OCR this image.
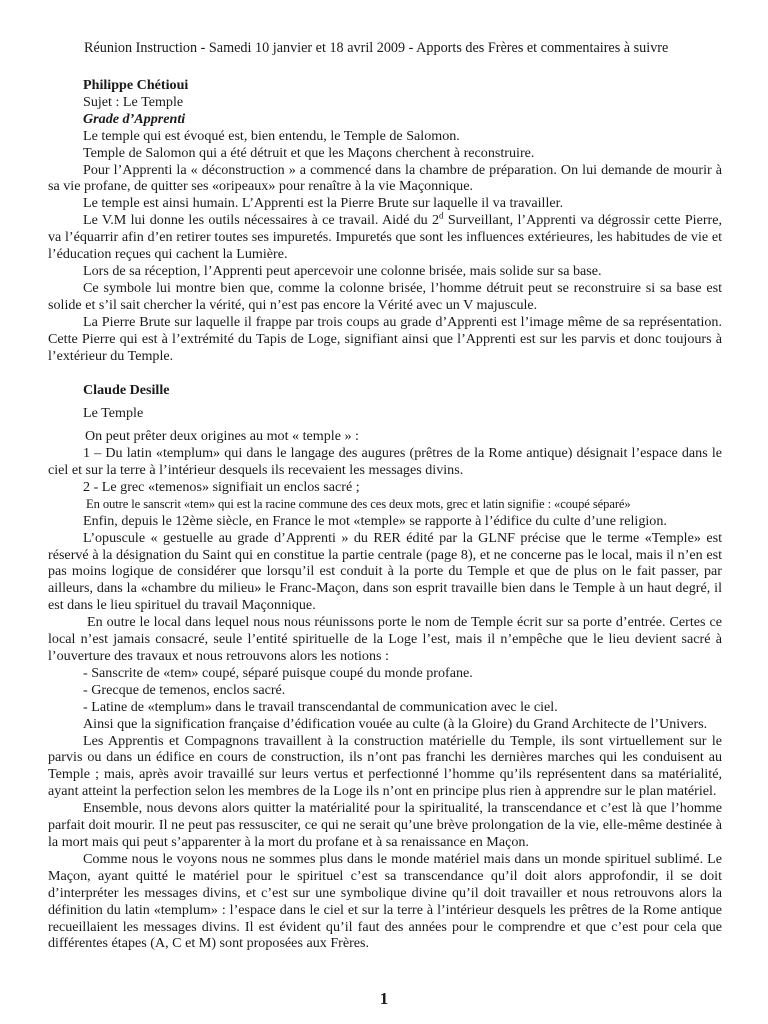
Réunion Instruction - Samedi 10 janvier et 18 avril 2009 - Apports des Frères et commentaires à suivre
Philippe Chétioui

Sujet : Le Temple

Grade d’Apprenti

Le temple qui est évoqué est, bien entendu, le Temple de Salomon.

Temple de Salomon qui a été détruit et que les Maçons cherchent à reconstruire.

Pour l’Apprenti la « déconstruction » a commencé dans la chambre de préparation. On lui demande de mourir à sa vie profane, de quitter ses «oripeaux» pour renaître à la vie Maçonnique.

Le temple est ainsi humain. L’Apprenti est la Pierre Brute sur laquelle il va travailler.

Le V.M lui donne les outils nécessaires à ce travail. Aidé du 2$^d$ Surveillant, l’Apprenti va dégrossir cette Pierre, va l’équarrir afin d’en retirer toutes ses impuretés. Impuretés que sont les influences extérieures, les habitudes de vie et l’éducation reçues qui cachent la Lumière.

Lors de sa réception, l’Apprenti peut apercevoir une colonne brisée, mais solide sur sa base.

Ce symbole lui montre bien que, comme la colonne brisée, l’homme détruit peut se reconstruire si sa base est solide et s’il sait chercher la vérité, qui n’est pas encore la Vérité avec un V majuscule.

La Pierre Brute sur laquelle il frappe par trois coups au grade d’Apprenti est l’image même de sa représentation. Cette Pierre qui est à l’extrémité du Tapis de Loge, signifiant ainsi que l’Apprenti est sur les parvis et donc toujours à l’extérieur du Temple.

Claude Desille

Le Temple

On peut prêter deux origines au mot « temple » :

1 – Du latin «templum» qui dans le langage des augures (prêtres de la Rome antique) désignait l’espace dans le ciel et sur la terre à l’intérieur desquels ils recevaient les messages divins.

2 - Le grec «temenos» signifiait un enclos sacré ;

En outre le sanscrit «tem» qui est la racine commune des ces deux mots, grec et latin signifie : «coupé séparé»

Enfin, depuis le 12ème siècle, en France le mot «temple» se rapporte à l’édifice du culte d’une religion.

L’opuscule « gestuelle au grade d’Apprenti » du RER édité par la GLNF précise que le terme «Temple» est réservé à la désignation du Saint qui en constitue la partie centrale (page 8), et ne concerne pas le local, mais il n’en est pas moins logique de considérer que lorsqu’il est conduit à la porte du Temple et que de plus on le fait passer, par ailleurs, dans la «chambre du milieu» le Franc-Maçon, dans son esprit travaille bien dans le Temple à un haut degré, il est dans le lieu spirituel du travail Maçonnique.

En outre le local dans lequel nous nous réunissons porte le nom de Temple écrit sur sa porte d’entrée. Certes ce local n’est jamais consacré, seule l’entité spirituelle de la Loge l’est, mais il n’empêche que le lieu devient sacré à l’ouverture des travaux et nous retrouvons alors les notions :

- Sanscrite de «tem» coupé, séparé puisque coupé du monde profane.

- Grecque de temenos, enclos sacré.

- Latine de «templum» dans le travail transcendantal de communication avec le ciel.

Ainsi que la signification française d’édification vouée au culte (à la Gloire) du Grand Architecte de l’Univers.

Les Apprentis et Compagnons travaillent à la construction matérielle du Temple, ils sont virtuellement sur le parvis ou dans un édifice en cours de construction, ils n’ont pas franchi les dernières marches qui les conduisent au Temple ; mais, après avoir travaillé sur leurs vertus et perfectionné l’homme qu’ils représentent dans sa matérialité, ayant atteint la perfection selon les membres de la Loge ils n’ont en principe plus rien à apprendre sur le plan matériel.

Ensemble, nous devons alors quitter la matérialité pour la spiritualité, la transcendance et c’est là que l’homme parfait doit mourir. Il ne peut pas ressusciter, ce qui ne serait qu’une brève prolongation de la vie, elle-même destinée à la mort mais qui peut s’apparenter à la mort du profane et à sa renaissance en Maçon.

Comme nous le voyons nous ne sommes plus dans le monde matériel mais dans un monde spirituel sublimé. Le Maçon, ayant quitté le matériel pour le spirituel c’est sa transcendance qu’il doit alors approfondir, il se doit d’interpréter les messages divins, et c’est sur une symbolique divine qu’il doit travailler et nous retrouvons alors la définition du latin «templum» : l’espace dans le ciel et sur la terre à l’intérieur desquels les prêtres de la Rome antique recueillaient les messages divins. Il est évident qu’il faut des années pour le comprendre et que c’est pour cela que différentes étapes (A, C et M) sont proposées aux Frères.

1
